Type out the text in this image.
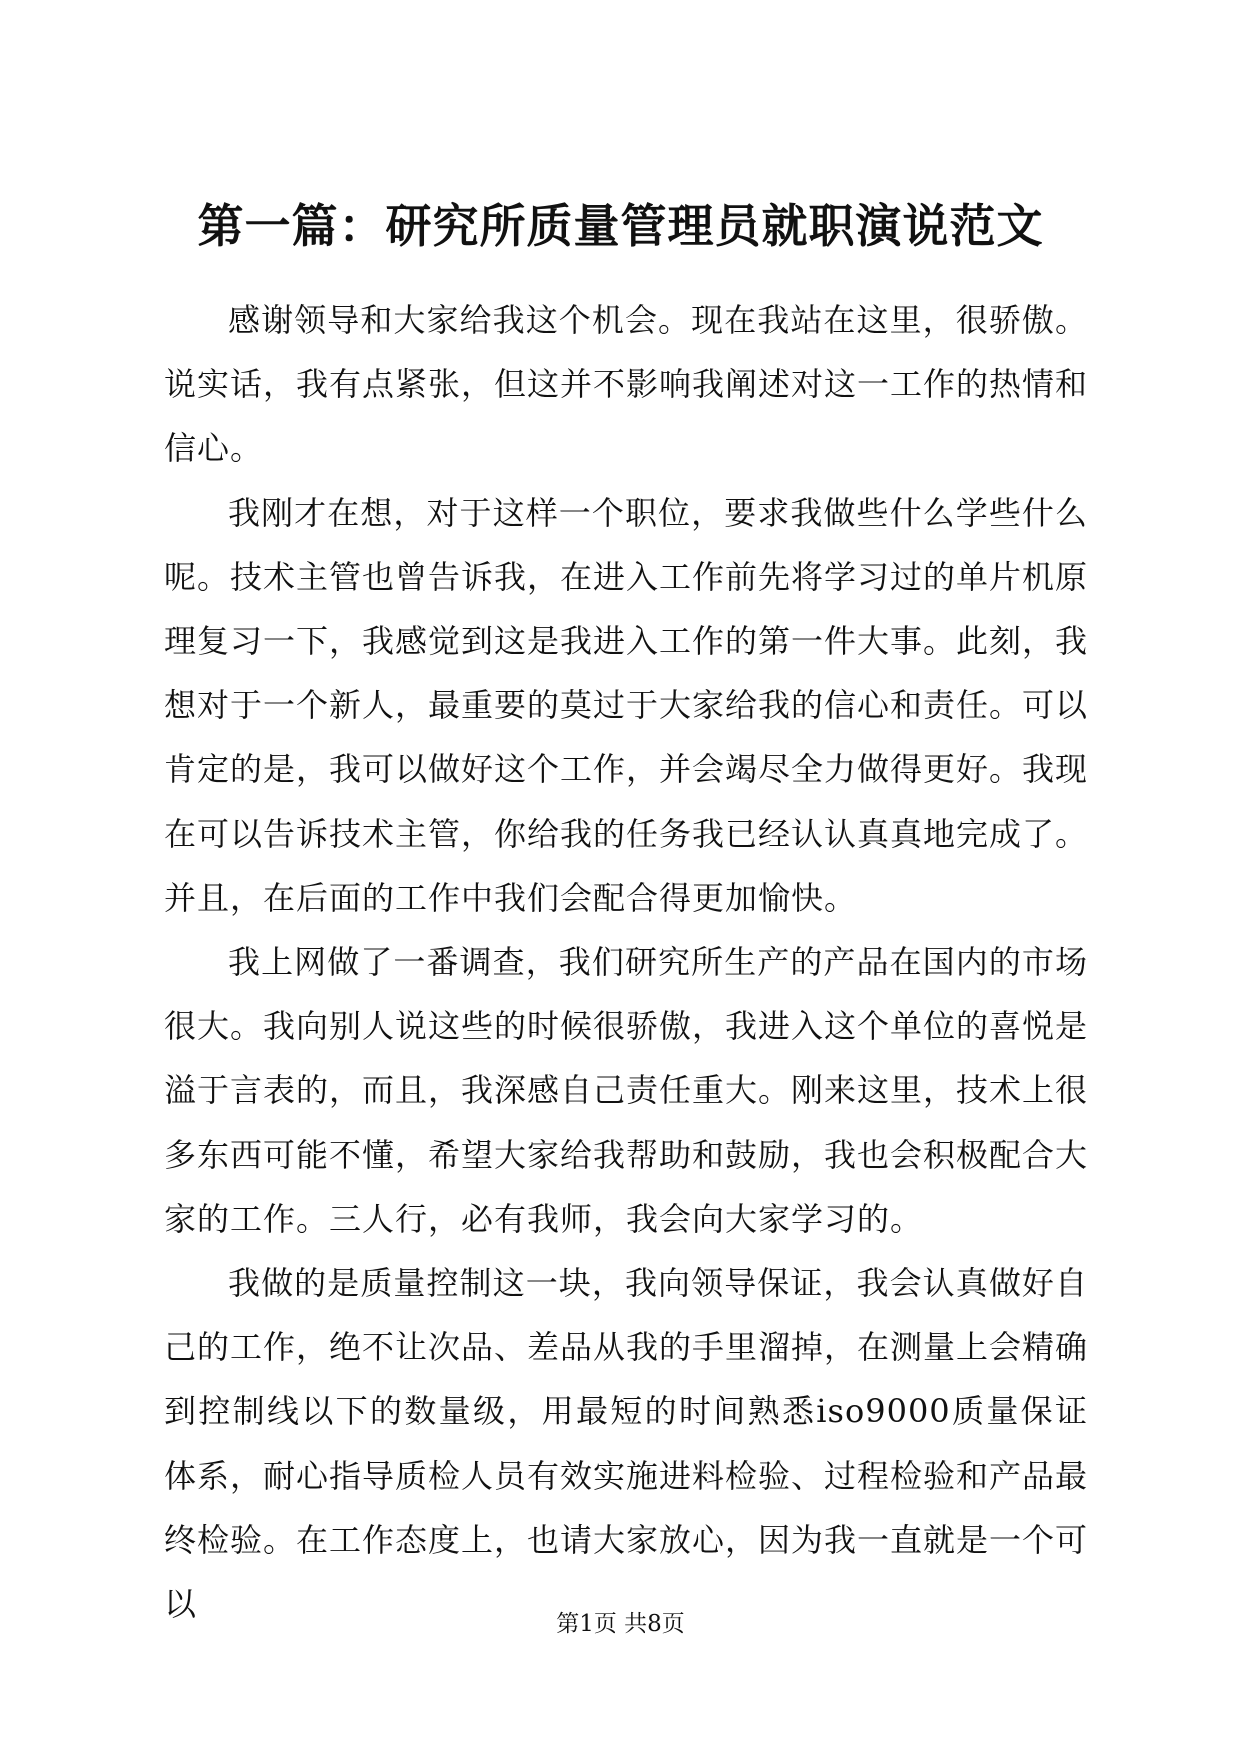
第一篇：研究所质量管理员就职演说范文

感谢领导和大家给我这个机会。现在我站在这里，很骄傲。说实话，我有点紧张，但这并不影响我阐述对这一工作的热情和信心。

我刚才在想，对于这样一个职位，要求我做些什么学些什么呢。技术主管也曾告诉我，在进入工作前先将学习过的单片机原理复习一下，我感觉到这是我进入工作的第一件大事。此刻，我想对于一个新人，最重要的莫过于大家给我的信心和责任。可以肯定的是，我可以做好这个工作，并会竭尽全力做得更好。我现在可以告诉技术主管，你给我的任务我已经认认真真地完成了。并且，在后面的工作中我们会配合得更加愉快。

我上网做了一番调查，我们研究所生产的产品在国内的市场很大。我向别人说这些的时候很骄傲，我进入这个单位的喜悦是溢于言表的，而且，我深感自己责任重大。刚来这里，技术上很多东西可能不懂，希望大家给我帮助和鼓励，我也会积极配合大家的工作。三人行，必有我师，我会向大家学习的。

我做的是质量控制这一块，我向领导保证，我会认真做好自己的工作，绝不让次品、差品从我的手里溜掉，在测量上会精确到控制线以下的数量级，用最短的时间熟悉iso9000质量保证体系，耐心指导质检人员有效实施进料检验、过程检验和产品最终检验。在工作态度上，也请大家放心，因为我一直就是一个可以

第1页 共8页
